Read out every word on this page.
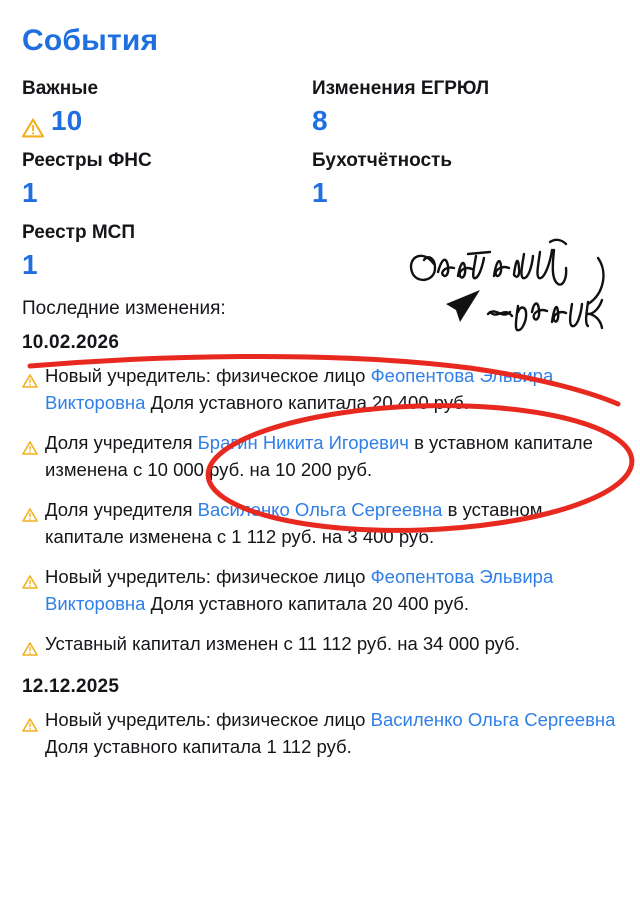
События
Важные
10
Изменения ЕГРЮЛ
8
Реестры ФНС
1
Бухотчётность
1
Реестр МСП
1
Последние изменения:
10.02.2026
Новый учредитель: физическое лицо Феопентова Эльвира Викторовна Доля уставного капитала 20 400 руб.
Доля учредителя Брагин Никита Игоревич в уставном капитале изменена с 10 000 руб. на 10 200 руб.
Доля учредителя Василенко Ольга Сергеевна в уставном капитале изменена с 1 112 руб. на 3 400 руб.
Новый учредитель: физическое лицо Феопентова Эльвира Викторовна Доля уставного капитала 20 400 руб.
Уставный капитал изменен с 11 112 руб. на 34 000 руб.
12.12.2025
Новый учредитель: физическое лицо Василенко Ольга Сергеевна Доля уставного капитала 1 112 руб.
